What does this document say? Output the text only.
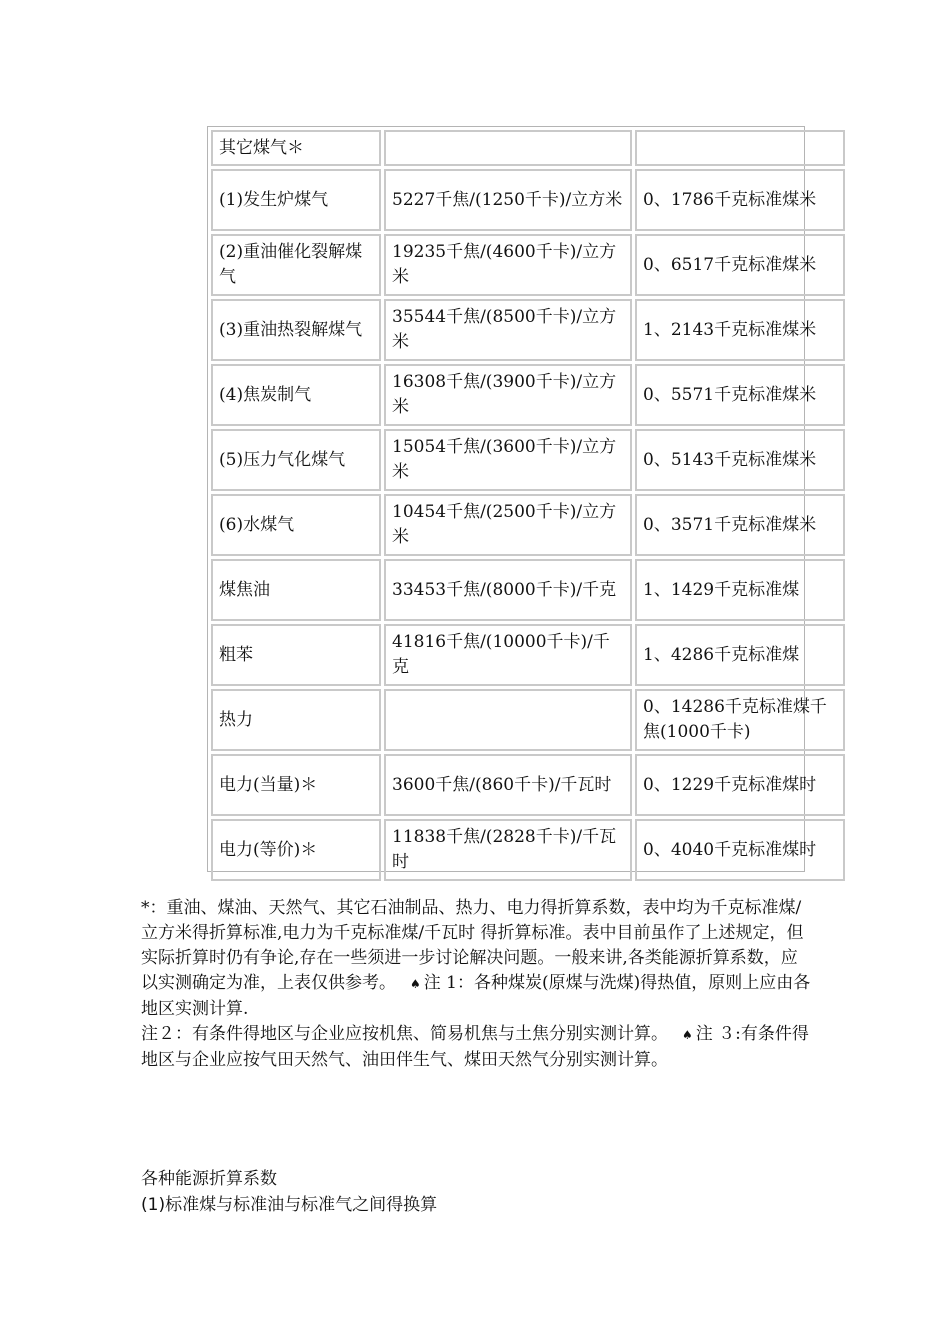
其它煤气＊		

(1)发生炉煤气	5227千焦/(1250千卡)/立方米	0、1786千克标准煤米

(2)重油催化裂解煤气	19235千焦/(4600千卡)/立方米	0、6517千克标准煤米

(3)重油热裂解煤气	35544千焦/(8500千卡)/立方米	1、2143千克标准煤米

(4)焦炭制气	16308千焦/(3900千卡)/立方米	0、5571千克标准煤米

(5)压力气化煤气	15054千焦/(3600千卡)/立方米	0、5143千克标准煤米

(6)水煤气	10454千焦/(2500千卡)/立方米	0、3571千克标准煤米

煤焦油	33453千焦/(8000千卡)/千克	1、1429千克标准煤

粗苯	41816千焦/(10000千卡)/千克	1、4286千克标准煤

热力		0、14286千克标准煤千焦(1000千卡)

电力(当量)＊	3600千焦/(860千卡)/千瓦时	0、1229千克标准煤时

电力(等价)＊	11838千焦/(2828千卡)/千瓦时	0、4040千克标准煤时

*：重油、煤油、天然气、其它石油制品、热力、电力得折算系数，表中均为千克标准煤/立方米得折算标准,电力为千克标准煤/千瓦时 得折算标准。表中目前虽作了上述规定，但实际折算时仍有争论,存在一些须进一步讨论解决问题。一般来讲,各类能源折算系数，应以实测确定为准，上表仅供参考。 ♠ 注 1：各种煤炭(原煤与洗煤)得热值，原则上应由各地区实测计算.

注２：有条件得地区与企业应按机焦、简易机焦与土焦分别实测计算。 ♠ 注 ３:有条件得地区与企业应按气田天然气、油田伴生气、煤田天然气分别实测计算。

各种能源折算系数
(1)标准煤与标准油与标准气之间得换算
